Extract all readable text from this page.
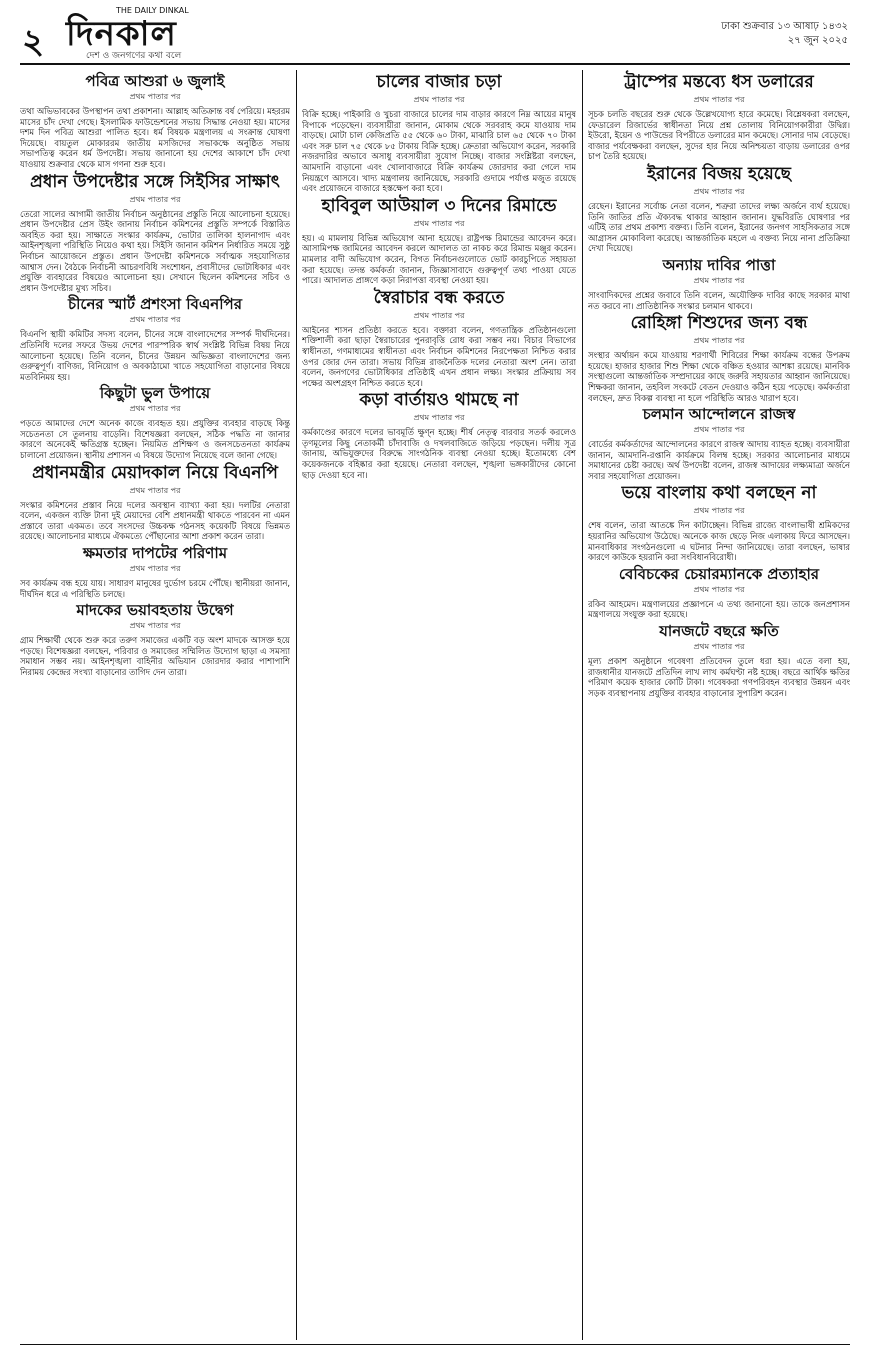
২ দিনকাল
THE DAILY DINKAL
দেশ ও জনগণের কথা বলে
ঢাকা শুক্রবার ১৩ আষাঢ় ১৪৩২
২৭ জুন ২০২৫
পবিত্র আশুরা ৬ জুলাই
প্রথম পাতার পর
তথা অভিভাবকের উপস্থাপন তথা প্রকাশনা। আল্লাহ অতিক্রান্ত বর্ষ পেরিয়ে। মহররম মাসের চাঁদ দেখা গেছে। ইসলামিক ফাউন্ডেশনের সভায় সিদ্ধান্ত নেওয়া হয়। মাসের দশম দিন পবিত্র আশুরা পালিত হবে। ধর্ম বিষয়ক মন্ত্রণালয় এ সংক্রান্ত ঘোষণা দিয়েছে। বায়তুল মোকাররম জাতীয় মসজিদের সভাকক্ষে অনুষ্ঠিত সভায় সভাপতিত্ব করেন ধর্ম উপদেষ্টা। সভায় জানানো হয় দেশের আকাশে চাঁদ দেখা যাওয়ায় শুক্রবার থেকে মাস গণনা শুরু হবে।
প্রধান উপদেষ্টার সঙ্গে সিইসির সাক্ষাৎ
প্রথম পাতার পর
তেরো সালের আগামী জাতীয় নির্বাচন অনুষ্ঠানের প্রস্তুতি নিয়ে আলোচনা হয়েছে। প্রধান উপদেষ্টার প্রেস উইং জানায় নির্বাচন কমিশনের প্রস্তুতি সম্পর্কে বিস্তারিত অবহিত করা হয়। সাক্ষাতে সংস্কার কার্যক্রম, ভোটার তালিকা হালনাগাদ এবং আইনশৃঙ্খলা পরিস্থিতি নিয়েও কথা হয়। সিইসি জানান কমিশন নির্ধারিত সময়ে সুষ্ঠু নির্বাচন আয়োজনে প্রস্তুত। প্রধান উপদেষ্টা কমিশনকে সর্বাত্মক সহযোগিতার আশ্বাস দেন। বৈঠকে নির্বাচনী আচরণবিধি সংশোধন, প্রবাসীদের ভোটাধিকার এবং প্রযুক্তি ব্যবহারের বিষয়েও আলোচনা হয়। সেখানে ছিলেন কমিশনের সচিব ও প্রধান উপদেষ্টার মুখ্য সচিব।
চীনের স্মার্ট প্রশংসা বিএনপির
প্রথম পাতার পর
বিএনপি স্থায়ী কমিটির সদস্য বলেন, চীনের সঙ্গে বাংলাদেশের সম্পর্ক দীর্ঘদিনের। প্রতিনিধি দলের সফরে উভয় দেশের পারস্পরিক স্বার্থ সংশ্লিষ্ট বিভিন্ন বিষয় নিয়ে আলোচনা হয়েছে। তিনি বলেন, চীনের উন্নয়ন অভিজ্ঞতা বাংলাদেশের জন্য গুরুত্বপূর্ণ। বাণিজ্য, বিনিয়োগ ও অবকাঠামো খাতে সহযোগিতা বাড়ানোর বিষয়ে মতবিনিময় হয়।
কিছুটা ভুল উপায়ে
প্রথম পাতার পর
পড়তে আমাদের দেশে অনেক কাজে ব্যবহৃত হয়। প্রযুক্তির ব্যবহার বাড়ছে কিন্তু সচেতনতা সে তুলনায় বাড়েনি। বিশেষজ্ঞরা বলছেন, সঠিক পদ্ধতি না জানার কারণে অনেকেই ক্ষতিগ্রস্ত হচ্ছেন। নিয়মিত প্রশিক্ষণ ও জনসচেতনতা কার্যক্রম চালানো প্রয়োজন। স্থানীয় প্রশাসন এ বিষয়ে উদ্যোগ নিয়েছে বলে জানা গেছে।
প্রধানমন্ত্রীর মেয়াদকাল নিয়ে বিএনপি
প্রথম পাতার পর
সংস্কার কমিশনের প্রস্তাব নিয়ে দলের অবস্থান ব্যাখ্যা করা হয়। দলটির নেতারা বলেন, একজন ব্যক্তি টানা দুই মেয়াদের বেশি প্রধানমন্ত্রী থাকতে পারবেন না এমন প্রস্তাবে তারা একমত। তবে সংসদের উচ্চকক্ষ গঠনসহ কয়েকটি বিষয়ে ভিন্নমত রয়েছে। আলোচনার মাধ্যমে ঐকমত্যে পৌঁছানোর আশা প্রকাশ করেন তারা।
ক্ষমতার দাপটের পরিণাম
প্রথম পাতার পর
সব কার্যক্রম বন্ধ হয়ে যায়। সাধারণ মানুষের দুর্ভোগ চরমে পৌঁছে। স্থানীয়রা জানান, দীর্ঘদিন ধরে এ পরিস্থিতি চলছে।
মাদকের ভয়াবহতায় উদ্বেগ
প্রথম পাতার পর
গ্রাম শিক্ষার্থী থেকে শুরু করে তরুণ সমাজের একটি বড় অংশ মাদকে আসক্ত হয়ে পড়ছে। বিশেষজ্ঞরা বলছেন, পরিবার ও সমাজের সম্মিলিত উদ্যোগ ছাড়া এ সমস্যা সমাধান সম্ভব নয়। আইনশৃঙ্খলা বাহিনীর অভিযান জোরদার করার পাশাপাশি নিরাময় কেন্দ্রের সংখ্যা বাড়ানোর তাগিদ দেন তারা।
চালের বাজার চড়া
প্রথম পাতার পর
বিক্রি হচ্ছে। পাইকারি ও খুচরা বাজারে চালের দাম বাড়ার কারণে নিম্ন আয়ের মানুষ বিপাকে পড়েছেন। ব্যবসায়ীরা জানান, মোকাম থেকে সরবরাহ কমে যাওয়ায় দাম বাড়ছে। মোটা চাল কেজিপ্রতি ৫৫ থেকে ৬০ টাকা, মাঝারি চাল ৬৫ থেকে ৭০ টাকা এবং সরু চাল ৭৫ থেকে ৮৫ টাকায় বিক্রি হচ্ছে। ক্রেতারা অভিযোগ করেন, সরকারি নজরদারির অভাবে অসাধু ব্যবসায়ীরা সুযোগ নিচ্ছে। বাজার সংশ্লিষ্টরা বলছেন, আমদানি বাড়ানো এবং খোলাবাজারে বিক্রি কার্যক্রম জোরদার করা গেলে দাম নিয়ন্ত্রণে আসবে। খাদ্য মন্ত্রণালয় জানিয়েছে, সরকারি গুদামে পর্যাপ্ত মজুত রয়েছে এবং প্রয়োজনে বাজারে হস্তক্ষেপ করা হবে।
হাবিবুল আউয়াল ৩ দিনের রিমান্ডে
প্রথম পাতার পর
হয়। এ মামলায় বিভিন্ন অভিযোগ আনা হয়েছে। রাষ্ট্রপক্ষ রিমান্ডের আবেদন করে। আসামিপক্ষ জামিনের আবেদন করলে আদালত তা নাকচ করে রিমান্ড মঞ্জুর করেন। মামলার বাদী অভিযোগ করেন, বিগত নির্বাচনগুলোতে ভোট কারচুপিতে সহায়তা করা হয়েছে। তদন্ত কর্মকর্তা জানান, জিজ্ঞাসাবাদে গুরুত্বপূর্ণ তথ্য পাওয়া যেতে পারে। আদালত প্রাঙ্গণে কড়া নিরাপত্তা ব্যবস্থা নেওয়া হয়।
স্বৈরাচার বন্ধ করতে
প্রথম পাতার পর
আইনের শাসন প্রতিষ্ঠা করতে হবে। বক্তারা বলেন, গণতান্ত্রিক প্রতিষ্ঠানগুলো শক্তিশালী করা ছাড়া স্বৈরাচারের পুনরাবৃত্তি রোধ করা সম্ভব নয়। বিচার বিভাগের স্বাধীনতা, গণমাধ্যমের স্বাধীনতা এবং নির্বাচন কমিশনের নিরপেক্ষতা নিশ্চিত করার ওপর জোর দেন তারা। সভায় বিভিন্ন রাজনৈতিক দলের নেতারা অংশ নেন। তারা বলেন, জনগণের ভোটাধিকার প্রতিষ্ঠাই এখন প্রধান লক্ষ্য। সংস্কার প্রক্রিয়ায় সব পক্ষের অংশগ্রহণ নিশ্চিত করতে হবে।
কড়া বার্তায়ও থামছে না
প্রথম পাতার পর
কর্মকাণ্ডের কারণে দলের ভাবমূর্তি ক্ষুণ্ন হচ্ছে। শীর্ষ নেতৃত্ব বারবার সতর্ক করলেও তৃণমূলের কিছু নেতাকর্মী চাঁদাবাজি ও দখলবাজিতে জড়িয়ে পড়ছেন। দলীয় সূত্র জানায়, অভিযুক্তদের বিরুদ্ধে সাংগঠনিক ব্যবস্থা নেওয়া হচ্ছে। ইতোমধ্যে বেশ কয়েকজনকে বহিষ্কার করা হয়েছে। নেতারা বলছেন, শৃঙ্খলা ভঙ্গকারীদের কোনো ছাড় দেওয়া হবে না।
ট্রাম্পের মন্তব্যে ধস ডলারের
প্রথম পাতার পর
সূচক চলতি বছরের শুরু থেকে উল্লেখযোগ্য হারে কমেছে। বিশ্লেষকরা বলছেন, ফেডারেল রিজার্ভের স্বাধীনতা নিয়ে প্রশ্ন তোলায় বিনিয়োগকারীরা উদ্বিগ্ন। ইউরো, ইয়েন ও পাউন্ডের বিপরীতে ডলারের মান কমেছে। সোনার দাম বেড়েছে। বাজার পর্যবেক্ষকরা বলছেন, সুদের হার নিয়ে অনিশ্চয়তা বাড়ায় ডলারের ওপর চাপ তৈরি হয়েছে।
ইরানের বিজয় হয়েছে
প্রথম পাতার পর
রেছেন। ইরানের সর্বোচ্চ নেতা বলেন, শত্রুরা তাদের লক্ষ্য অর্জনে ব্যর্থ হয়েছে। তিনি জাতির প্রতি ঐক্যবদ্ধ থাকার আহ্বান জানান। যুদ্ধবিরতি ঘোষণার পর এটিই তার প্রথম প্রকাশ্য বক্তব্য। তিনি বলেন, ইরানের জনগণ সাহসিকতার সঙ্গে আগ্রাসন মোকাবিলা করেছে। আন্তর্জাতিক মহলে এ বক্তব্য নিয়ে নানা প্রতিক্রিয়া দেখা দিয়েছে।
অন্যায় দাবির পাত্তা
প্রথম পাতার পর
সাংবাদিকদের প্রশ্নের জবাবে তিনি বলেন, অযৌক্তিক দাবির কাছে সরকার মাথা নত করবে না। প্রাতিষ্ঠানিক সংস্কার চলমান থাকবে।
রোহিঙ্গা শিশুদের জন্য বন্ধ
প্রথম পাতার পর
সংস্থার অর্থায়ন কমে যাওয়ায় শরণার্থী শিবিরের শিক্ষা কার্যক্রম বন্ধের উপক্রম হয়েছে। হাজার হাজার শিশু শিক্ষা থেকে বঞ্চিত হওয়ার আশঙ্কা রয়েছে। মানবিক সংস্থাগুলো আন্তর্জাতিক সম্প্রদায়ের কাছে জরুরি সহায়তার আহ্বান জানিয়েছে। শিক্ষকরা জানান, তহবিল সংকটে বেতন দেওয়াও কঠিন হয়ে পড়েছে। কর্মকর্তারা বলছেন, দ্রুত বিকল্প ব্যবস্থা না হলে পরিস্থিতি আরও খারাপ হবে।
চলমান আন্দোলনে রাজস্ব
প্রথম পাতার পর
বোর্ডের কর্মকর্তাদের আন্দোলনের কারণে রাজস্ব আদায় ব্যাহত হচ্ছে। ব্যবসায়ীরা জানান, আমদানি-রপ্তানি কার্যক্রমে বিলম্ব হচ্ছে। সরকার আলোচনার মাধ্যমে সমাধানের চেষ্টা করছে। অর্থ উপদেষ্টা বলেন, রাজস্ব আদায়ের লক্ষ্যমাত্রা অর্জনে সবার সহযোগিতা প্রয়োজন।
ভয়ে বাংলায় কথা বলছেন না
প্রথম পাতার পর
শেষ বলেন, তারা আতঙ্কে দিন কাটাচ্ছেন। বিভিন্ন রাজ্যে বাংলাভাষী শ্রমিকদের হয়রানির অভিযোগ উঠেছে। অনেকে কাজ ছেড়ে নিজ এলাকায় ফিরে আসছেন। মানবাধিকার সংগঠনগুলো এ ঘটনার নিন্দা জানিয়েছে। তারা বলছেন, ভাষার কারণে কাউকে হয়রানি করা সংবিধানবিরোধী।
বেবিচকের চেয়ারম্যানকে প্রত্যাহার
প্রথম পাতার পর
রকিব আহমেদ। মন্ত্রণালয়ের প্রজ্ঞাপনে এ তথ্য জানানো হয়। তাকে জনপ্রশাসন মন্ত্রণালয়ে সংযুক্ত করা হয়েছে।
যানজটে বছরে ক্ষতি
প্রথম পাতার পর
মূল্য প্রকাশ অনুষ্ঠানে গবেষণা প্রতিবেদন তুলে ধরা হয়। এতে বলা হয়, রাজধানীর যানজটে প্রতিদিন লাখ লাখ কর্মঘণ্টা নষ্ট হচ্ছে। বছরে আর্থিক ক্ষতির পরিমাণ কয়েক হাজার কোটি টাকা। গবেষকরা গণপরিবহন ব্যবস্থার উন্নয়ন এবং সড়ক ব্যবস্থাপনায় প্রযুক্তির ব্যবহার বাড়ানোর সুপারিশ করেন।
